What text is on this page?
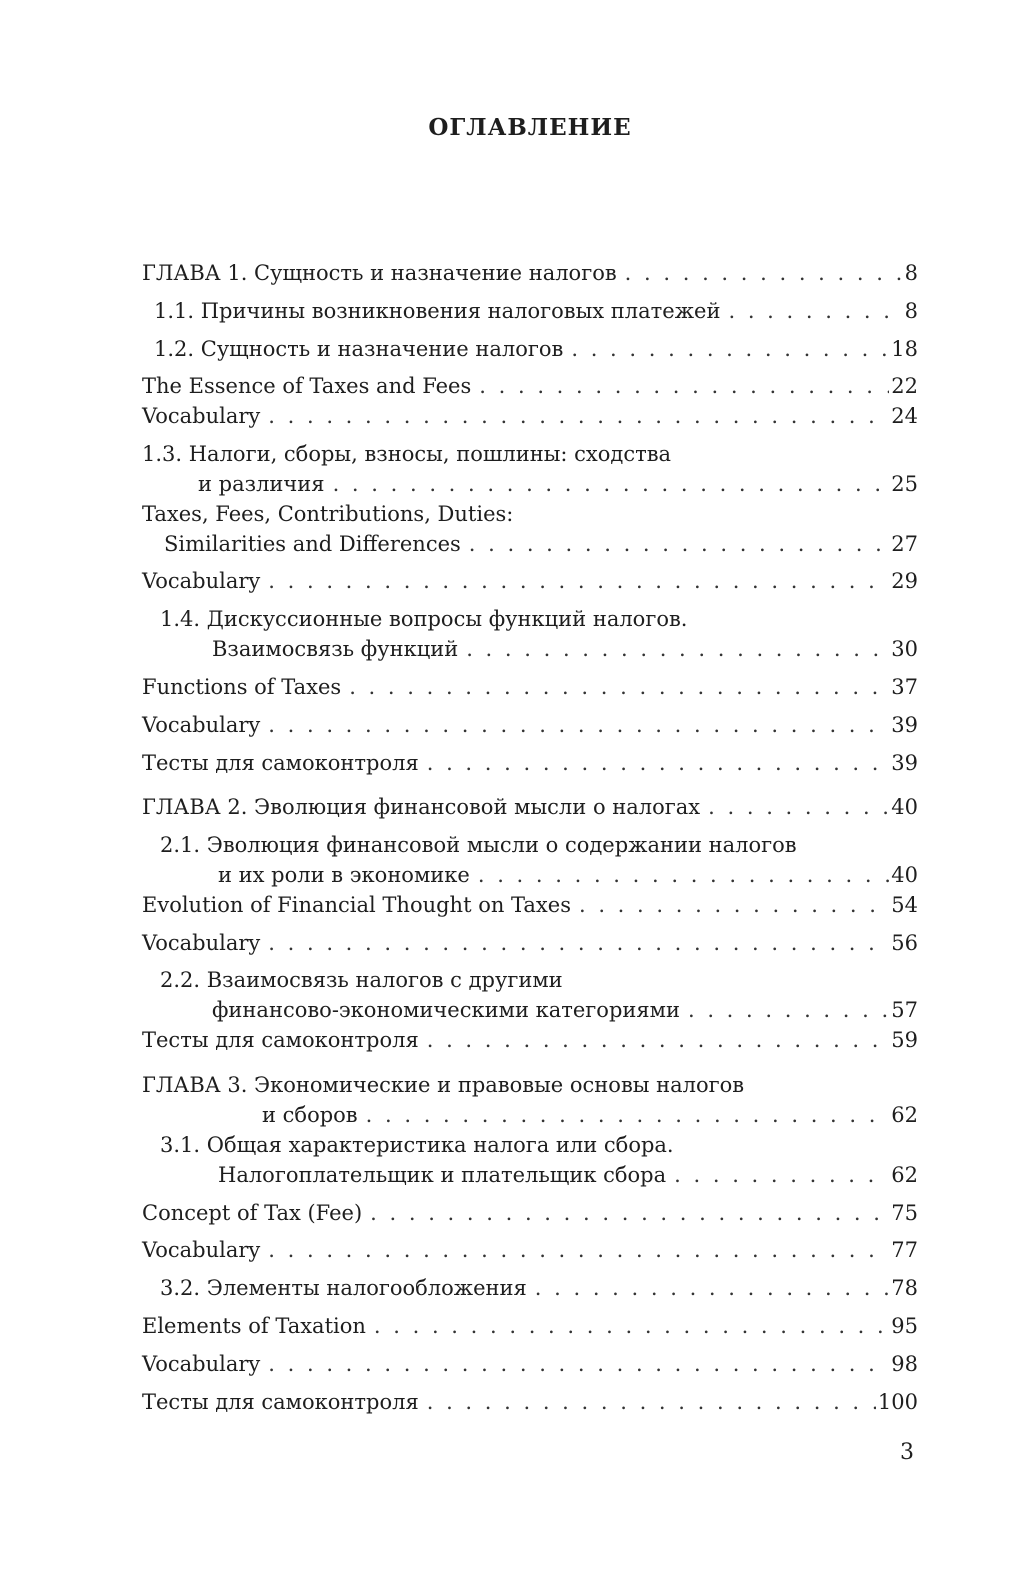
ОГЛАВЛЕНИЕ
ГЛАВА 1. Сущность и назначение налогов . . .	8
1.1. Причины возникновения налоговых платежей . . .	8
1.2. Сущность и назначение налогов . . .	18
The Essence of Taxes and Fees . . .	22
Vocabulary . . .	24
1.3. Налоги, сборы, взносы, пошлины: сходства
и различия . . .	25
Taxes, Fees, Contributions, Duties:
Similarities and Differences . . .	27
Vocabulary . . .	29
1.4. Дискуссионные вопросы функций налогов.
Взаимосвязь функций . . .	30
Functions of Taxes . . .	37
Vocabulary . . .	39
Тесты для самоконтроля . . .	39
ГЛАВА 2. Эволюция финансовой мысли о налогах . . .	40
2.1. Эволюция финансовой мысли о содержании налогов
и их роли в экономике . . .	40
Evolution of Financial Thought on Taxes . . .	54
Vocabulary . . .	56
2.2. Взаимосвязь налогов с другими
финансово-экономическими категориями . . .	57
Тесты для самоконтроля . . .	59
ГЛАВА 3. Экономические и правовые основы налогов
и сборов . . .	62
3.1. Общая характеристика налога или сбора.
Налогоплательщик и плательщик сбора . . .	62
Concept of Tax (Fee) . . .	75
Vocabulary . . .	77
3.2. Элементы налогообложения . . .	78
Elements of Taxation . . .	95
Vocabulary . . .	98
Тесты для самоконтроля . . .	100
3
